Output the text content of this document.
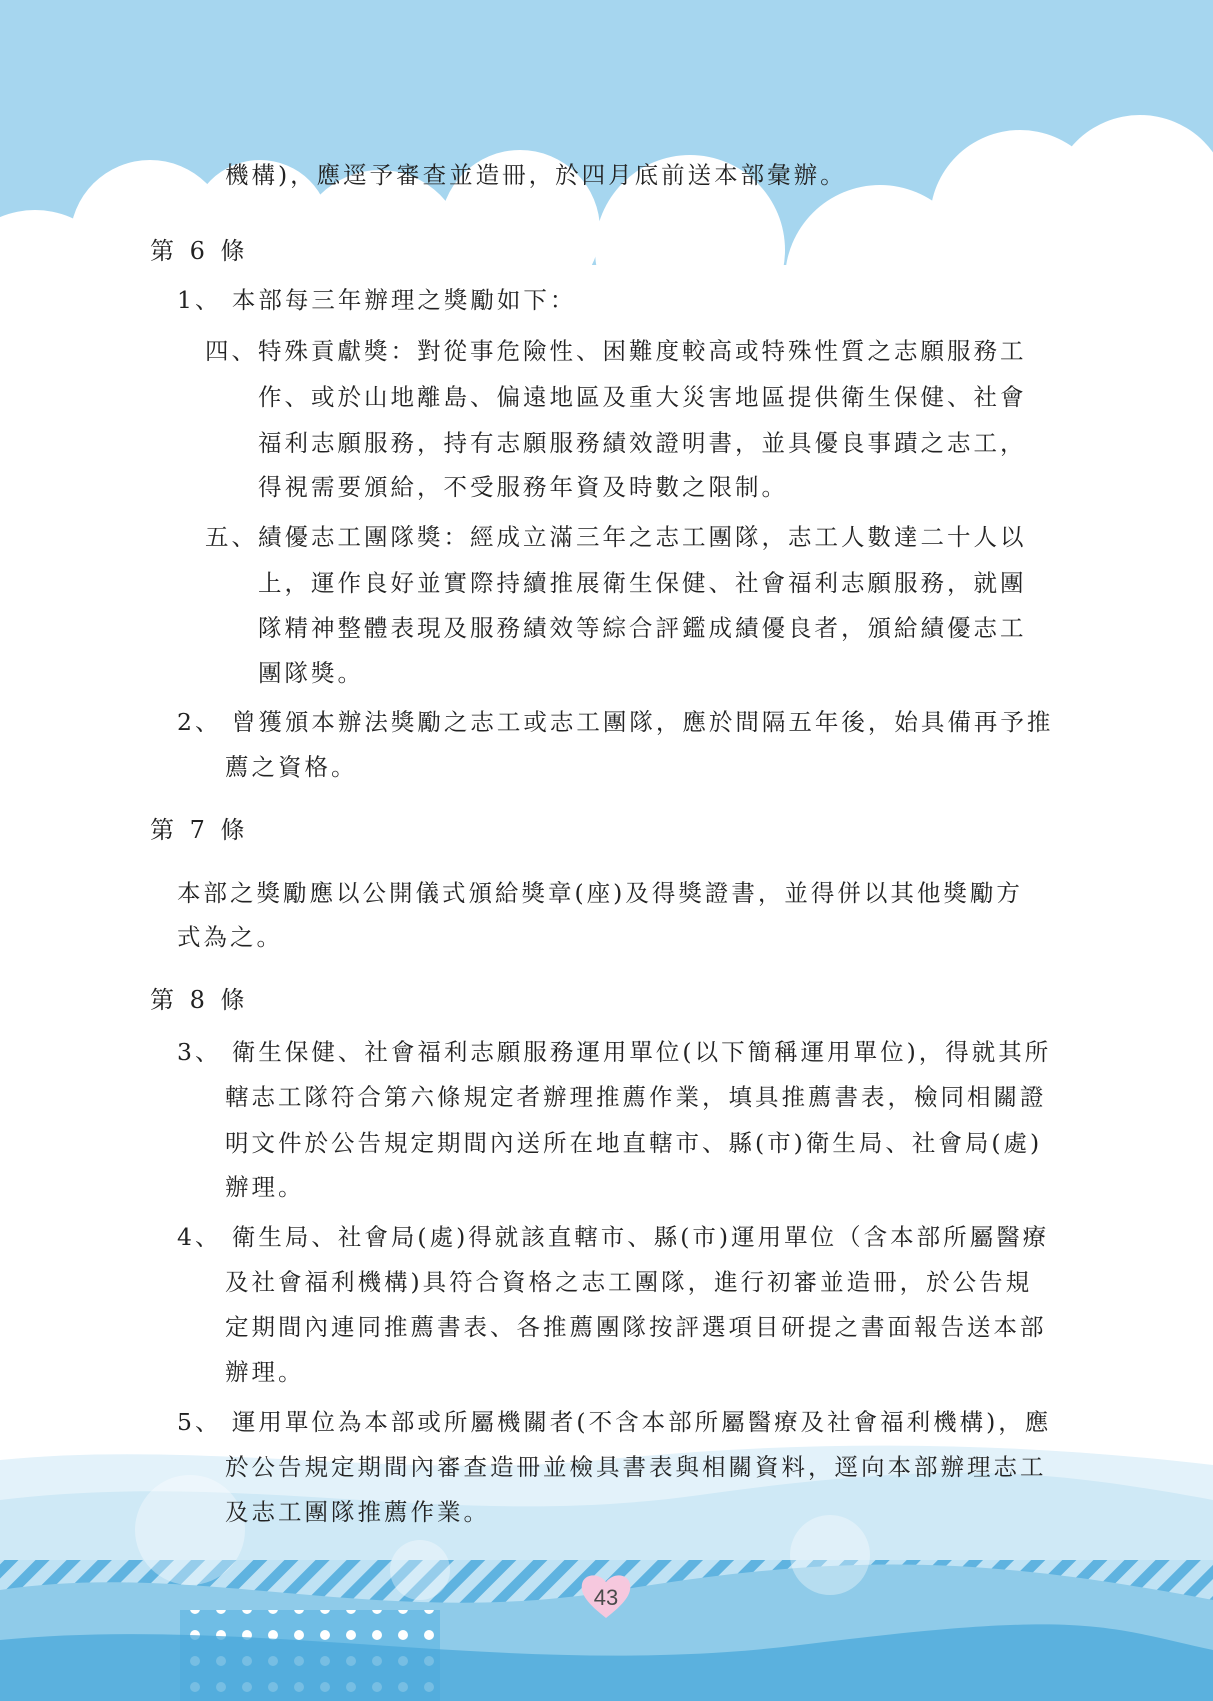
機構)，應逕予審查並造冊，於四月底前送本部彙辦。
第 6 條
1、 本部每三年辦理之獎勵如下：
四、特殊貢獻獎：對從事危險性、困難度較高或特殊性質之志願服務工
作、或於山地離島、偏遠地區及重大災害地區提供衛生保健、社會
福利志願服務，持有志願服務績效證明書，並具優良事蹟之志工，
得視需要頒給，不受服務年資及時數之限制。
五、績優志工團隊獎：經成立滿三年之志工團隊，志工人數達二十人以
上，運作良好並實際持續推展衛生保健、社會福利志願服務，就團
隊精神整體表現及服務績效等綜合評鑑成績優良者，頒給績優志工
團隊獎。
2、 曾獲頒本辦法獎勵之志工或志工團隊，應於間隔五年後，始具備再予推
薦之資格。
第 7 條
本部之獎勵應以公開儀式頒給獎章(座)及得獎證書，並得併以其他獎勵方
式為之。
第 8 條
3、 衛生保健、社會福利志願服務運用單位(以下簡稱運用單位)，得就其所
轄志工隊符合第六條規定者辦理推薦作業，填具推薦書表，檢同相關證
明文件於公告規定期間內送所在地直轄市、縣(市)衛生局、社會局(處)
辦理。
4、 衛生局、社會局(處)得就該直轄市、縣(市)運用單位（含本部所屬醫療
及社會福利機構)具符合資格之志工團隊，進行初審並造冊，於公告規
定期間內連同推薦書表、各推薦團隊按評選項目研提之書面報告送本部
辦理。
5、 運用單位為本部或所屬機關者(不含本部所屬醫療及社會福利機構)，應
於公告規定期間內審查造冊並檢具書表與相關資料，逕向本部辦理志工
及志工團隊推薦作業。
43
